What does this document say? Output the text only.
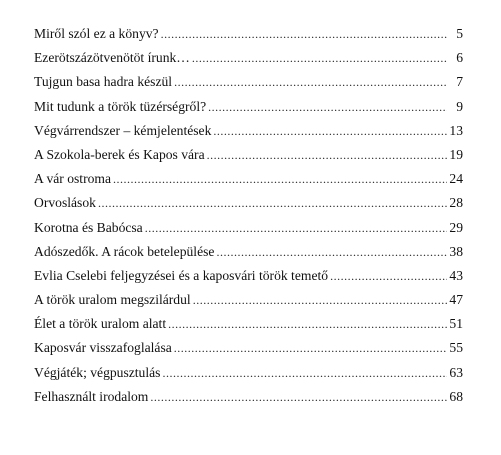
Miről szól ez a könyv? .....	5
Ezerötszázötvenötöt írunk… .....	6
Tujgun basa hadra készül .....	7
Mit tudunk a török tüzérségről? .....	9
Végvárrendszer – kémjelentések .....	13
A Szokola-berek és Kapos vára .....	19
A vár ostroma .....	24
Orvoslások .....	28
Korotna és Babócsa .....	29
Adószedők. A rácok betelepülése .....	38
Evlia Cselebi feljegyzései és a kaposvári török temető .....	43
A török uralom megszilárdul .....	47
Élet a török uralom alatt .....	51
Kaposvár visszafoglalása .....	55
Végjáték; végpusztulás .....	63
Felhasznált irodalom .....	68
